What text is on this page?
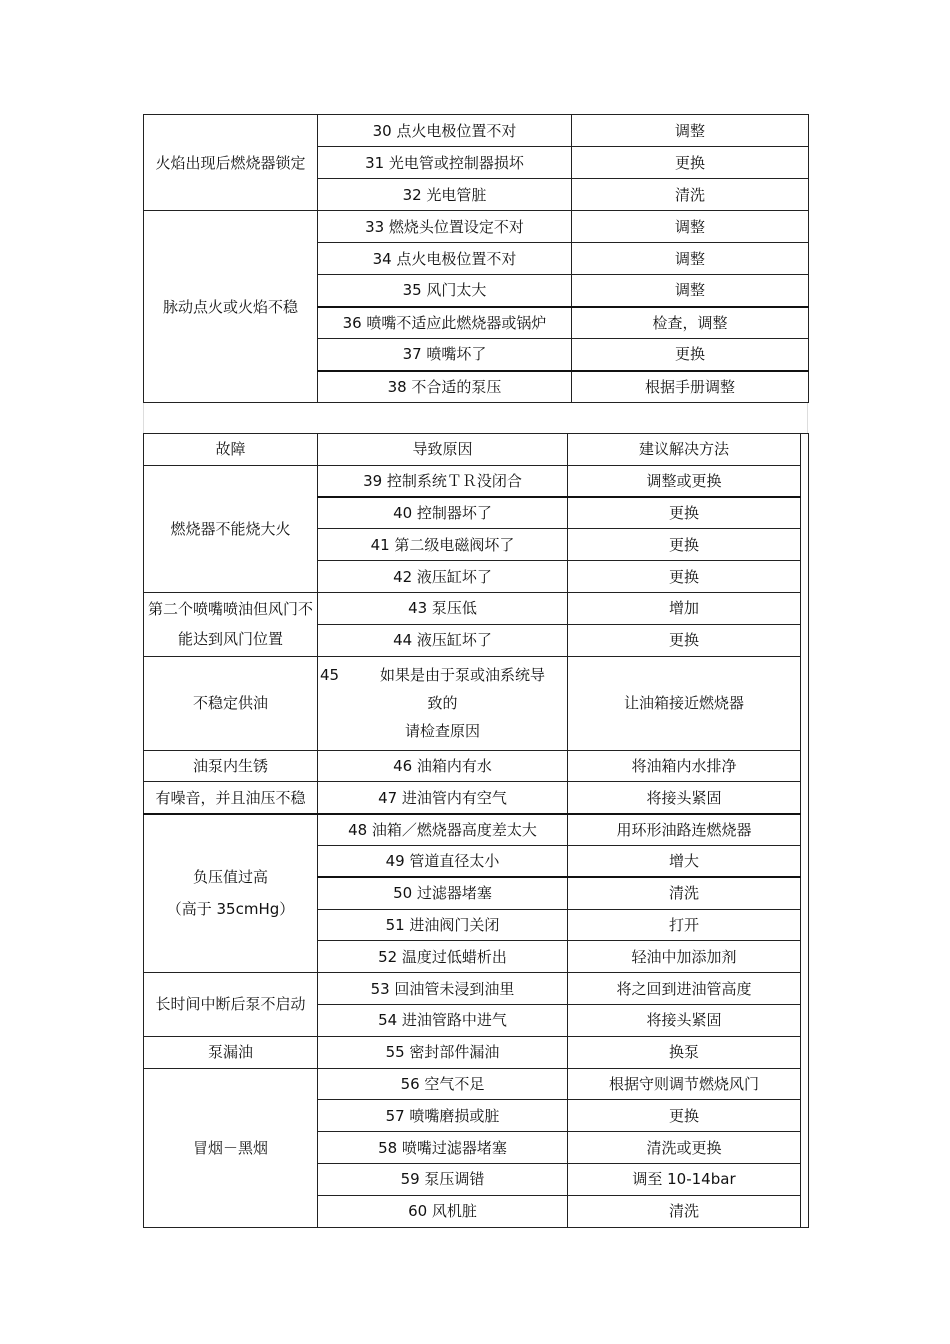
火焰出现后燃烧器锁定	30 点火电极位置不对	调整
	31 光电管或控制器损坏	更换
	32 光电管脏	清洗
脉动点火或火焰不稳	33 燃烧头位置设定不对	调整
	34 点火电极位置不对	调整
	35 风门太大	调整
	36 喷嘴不适应此燃烧器或锅炉	检查，调整
	37 喷嘴坏了	更换
	38 不合适的泵压	根据手册调整
故障	导致原因	建议解决方法	
燃烧器不能烧大火	39 控制系统ＴＲ没闭合	调整或更换	
	40 控制器坏了	更换	
	41 第二级电磁阀坏了	更换	
	42 液压缸坏了	更换	
第二个喷嘴喷油但风门不能达到风门位置	43 泵压低	增加	
	44 液压缸坏了	更换	
不稳定供油	45 如果是由于泵或油系统导
致的
请检查原因	让油箱接近燃烧器	
油泵内生锈	46 油箱内有水	将油箱内水排净	
有噪音，并且油压不稳	47 进油管内有空气	将接头紧固	

负压值过高
（高于 35cmHg）	48 油箱／燃烧器高度差太大	用环形油路连燃烧器	
	49 管道直径太小	增大	
	50 过滤器堵塞	清洗	
	51 进油阀门关闭	打开	
	52 温度过低蜡析出	轻油中加添加剂	
长时间中断后泵不启动	53 回油管未浸到油里	将之回到进油管高度	
	54 进油管路中进气	将接头紧固	
泵漏油	55 密封部件漏油	换泵	
冒烟－黑烟	56 空气不足	根据守则调节燃烧风门	
	57 喷嘴磨损或脏	更换	
	58 喷嘴过滤器堵塞	清洗或更换	
	59 泵压调错	调至 10-14bar	
	60 风机脏	清洗	
